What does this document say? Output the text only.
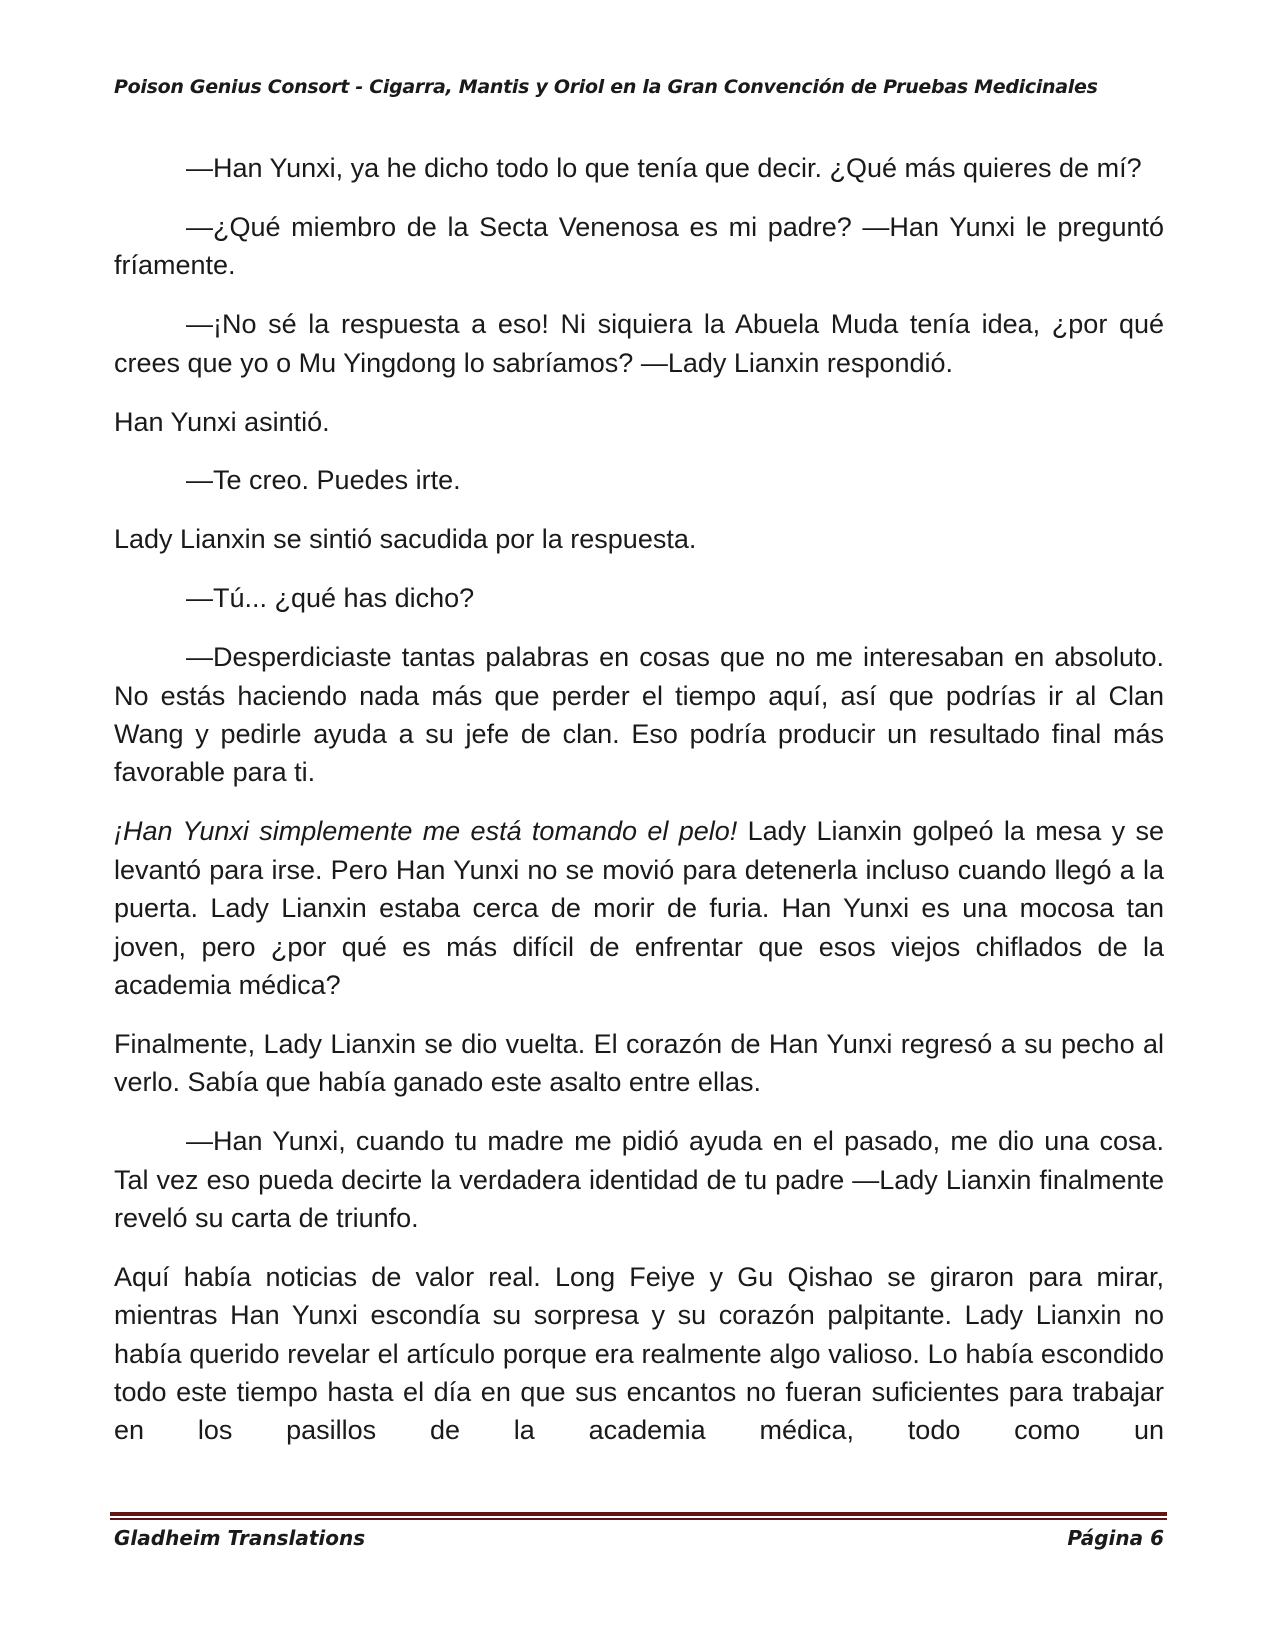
Poison Genius Consort - Cigarra, Mantis y Oriol en la Gran Convención de Pruebas Medicinales

—Han Yunxi, ya he dicho todo lo que tenía que decir. ¿Qué más quieres de mí?

—¿Qué miembro de la Secta Venenosa es mi padre? —Han Yunxi le preguntó fríamente.

—¡No sé la respuesta a eso! Ni siquiera la Abuela Muda tenía idea, ¿por qué crees que yo o Mu Yingdong lo sabríamos? —Lady Lianxin respondió.

Han Yunxi asintió.

—Te creo. Puedes irte.

Lady Lianxin se sintió sacudida por la respuesta.

—Tú... ¿qué has dicho?

—Desperdiciaste tantas palabras en cosas que no me interesaban en absoluto. No estás haciendo nada más que perder el tiempo aquí, así que podrías ir al Clan Wang y pedirle ayuda a su jefe de clan. Eso podría producir un resultado final más favorable para ti.

¡Han Yunxi simplemente me está tomando el pelo! Lady Lianxin golpeó la mesa y se levantó para irse. Pero Han Yunxi no se movió para detenerla incluso cuando llegó a la puerta. Lady Lianxin estaba cerca de morir de furia. Han Yunxi es una mocosa tan joven, pero ¿por qué es más difícil de enfrentar que esos viejos chiflados de la academia médica?

Finalmente, Lady Lianxin se dio vuelta. El corazón de Han Yunxi regresó a su pecho al verlo. Sabía que había ganado este asalto entre ellas.

—Han Yunxi, cuando tu madre me pidió ayuda en el pasado, me dio una cosa. Tal vez eso pueda decirte la verdadera identidad de tu padre —Lady Lianxin finalmente reveló su carta de triunfo.

Aquí había noticias de valor real. Long Feiye y Gu Qishao se giraron para mirar, mientras Han Yunxi escondía su sorpresa y su corazón palpitante. Lady Lianxin no había querido revelar el artículo porque era realmente algo valioso. Lo había escondido todo este tiempo hasta el día en que sus encantos no fueran suficientes para trabajar en los pasillos de la academia médica, todo como un

Gladheim Translations	Página 6
